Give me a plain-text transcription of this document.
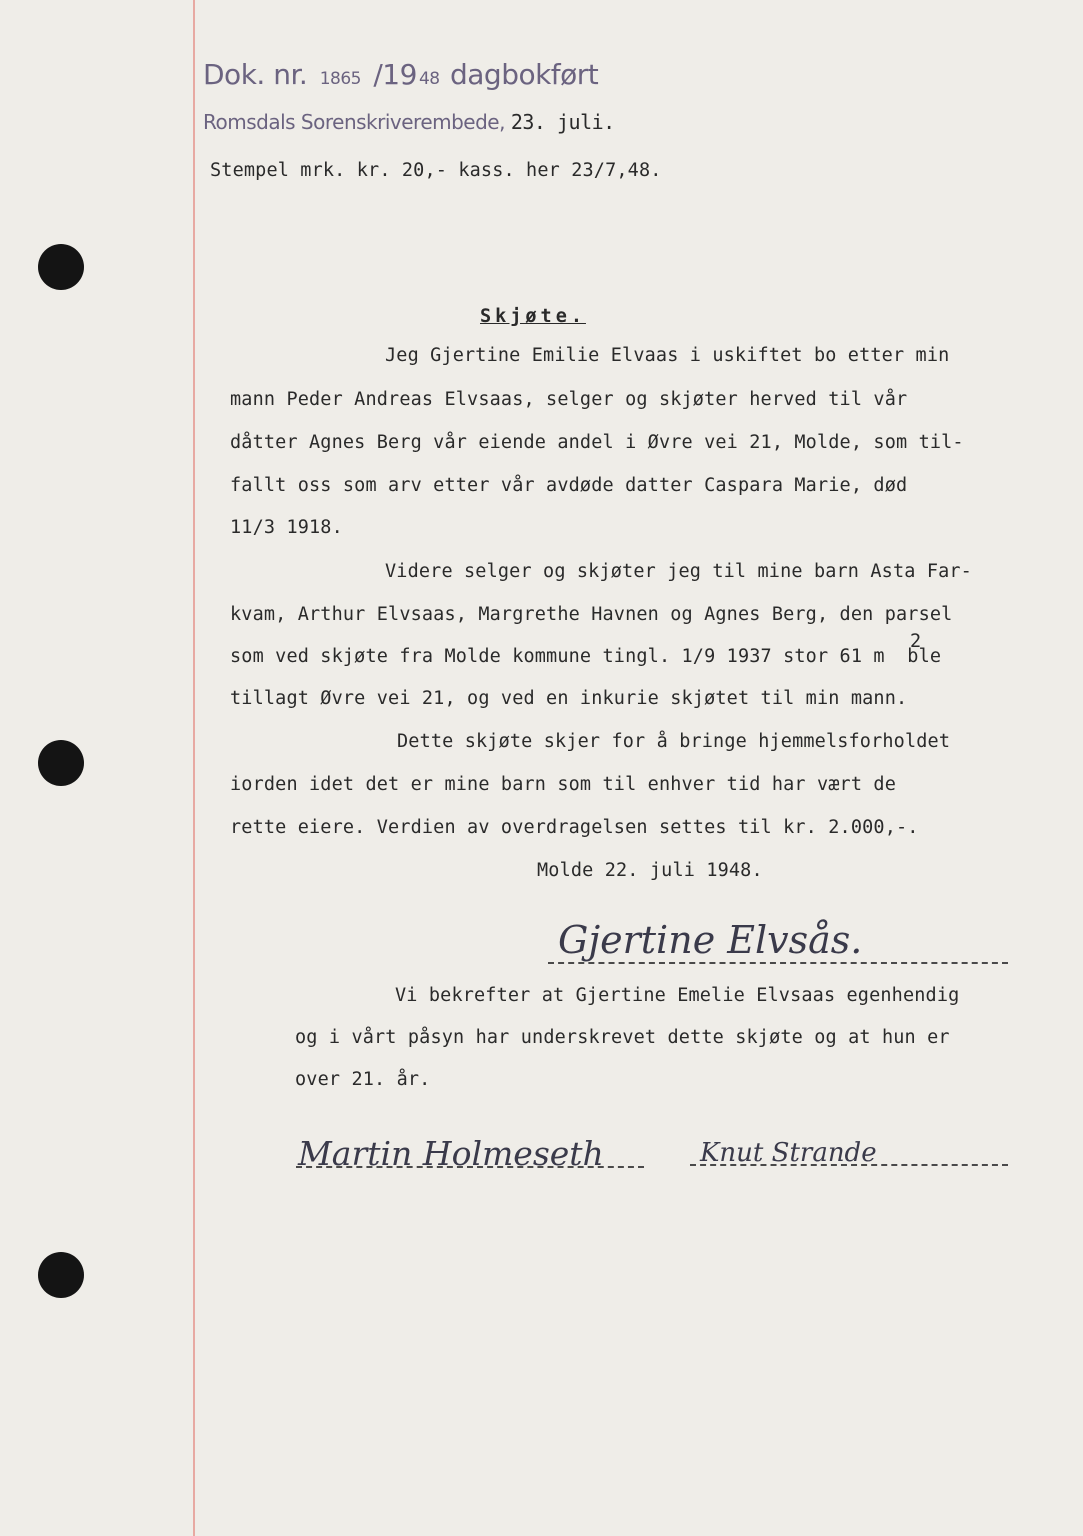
Dok. nr. 1865 /19 48 dagbokført
Romsdals Sorenskriverembede, 23. juli.
Stempel mrk. kr. 20,- kass. her 23/7,48.
Skjøte.
Jeg Gjertine Emilie Elvaas i uskiftet bo etter min
mann Peder Andreas Elvsaas, selger og skjøter herved til vår
dåtter Agnes Berg vår eiende andel i Øvre vei 21, Molde, som til-
fallt oss som arv etter vår avdøde datter Caspara Marie, død
11/3 1918.
Videre selger og skjøter jeg til mine barn Asta Far-
kvam, Arthur Elvsaas, Margrethe Havnen og Agnes Berg, den parsel
2
som ved skjøte fra Molde kommune tingl. 1/9 1937 stor 61 m  ble
tillagt Øvre vei 21, og ved en inkurie skjøtet til min mann.
Dette skjøte skjer for å bringe hjemmelsforholdet
iorden idet det er mine barn som til enhver tid har vært de
rette eiere. Verdien av overdragelsen settes til kr. 2.000,-.
Molde 22. juli 1948.
Gjertine Elvsås.
Vi bekrefter at Gjertine Emelie Elvsaas egenhendig
og i vårt påsyn har underskrevet dette skjøte og at hun er
over 21. år.
Martin Holmeseth	Knut Strande
